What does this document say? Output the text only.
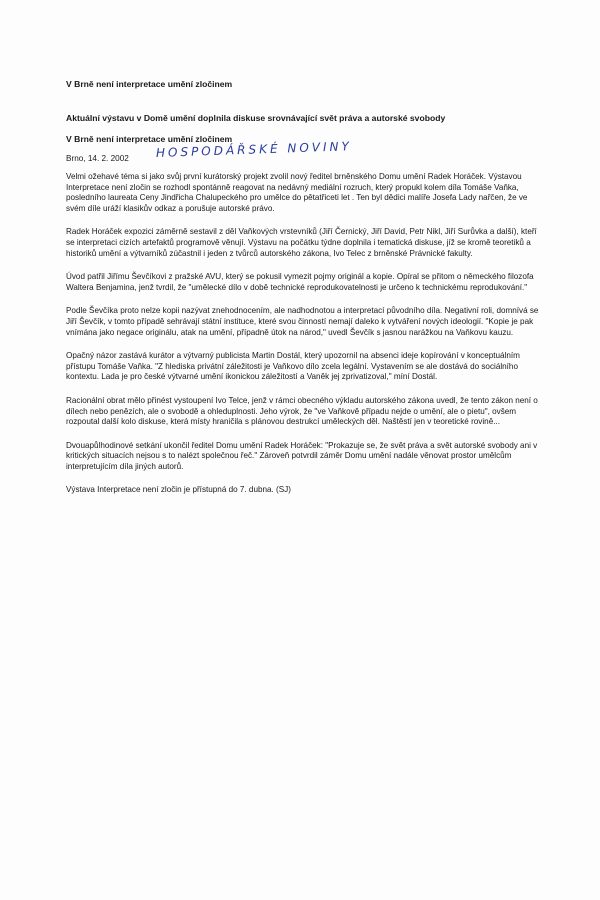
V Brně není interpretace umění zločinem
Aktuální výstavu v Domě umění doplnila diskuse srovnávající svět práva a autorské svobody
V Brně není interpretace umění zločinem
Brno, 14. 2. 2002 HOSPODÁŘSKÉ NOVINY

Velmi ožehavé téma si jako svůj první kurátorský projekt zvolil nový ředitel brněnského Domu umění Radek Horáček. Výstavou Interpretace není zločin se rozhodl spontánně reagovat na nedávný mediální rozruch, který propukl kolem díla Tomáše Vaňka, posledního laureata Ceny Jindřicha Chalupeckého pro umělce do pětatřiceti let . Ten byl dědici malíře Josefa Lady nařčen, že ve svém díle uráží klasikův odkaz a porušuje autorské právo.

Radek Horáček expozici záměrně sestavil z děl Vaňkových vrstevníků (Jiří Černický, Jiří David, Petr Nikl, Jiří Surůvka a další), kteří se interpretaci cizích artefaktů programově věnují. Výstavu na počátku týdne doplnila i tematická diskuse, jíž se kromě teoretiků a historiků umění a výtvarníků zúčastnil i jeden z tvůrců autorského zákona, Ivo Telec z brněnské Právnické fakulty.

Úvod patřil Jiřímu Ševčíkovi z pražské AVU, který se pokusil vymezit pojmy originál a kopie. Opíral se přitom o německého filozofa Waltera Benjamina, jenž tvrdil, že "umělecké dílo v době technické reprodukovatelnosti je určeno k technickému reprodukování."

Podle Ševčíka proto nelze kopii nazývat znehodnocením, ale nadhodnotou a interpretací původního díla. Negativní roli, domnívá se Jiří Ševčík, v tomto případě sehrávají státní instituce, které svou činností nemají daleko k vytváření nových ideologií. "Kopie je pak vnímána jako negace originálu, atak na umění, případně útok na národ," uvedl Ševčík s jasnou narážkou na Vaňkovu kauzu.

Opačný názor zastává kurátor a výtvarný publicista Martin Dostál, který upozornil na absenci ideje kopírování v konceptuálním přístupu Tomáše Vaňka. "Z hlediska privátní záležitosti je Vaňkovo dílo zcela legální. Vystavením se ale dostává do sociálního kontextu. Lada je pro české výtvarné umění ikonickou záležitostí a Vaněk jej zprivatizoval," míní Dostál.

Racionální obrat mělo přinést vystoupení Ivo Telce, jenž v rámci obecného výkladu autorského zákona uvedl, že tento zákon není o dílech nebo penězích, ale o svobodě a ohleduplnosti. Jeho výrok, že "ve Vaňkově případu nejde o umění, ale o pietu", ovšem rozpoutal další kolo diskuse, která místy hraničila s plánovou destrukcí uměleckých děl. Naštěstí jen v teoretické rovině...

Dvouapůlhodinové setkání ukončil ředitel Domu umění Radek Horáček: "Prokazuje se, že svět práva a svět autorské svobody ani v kritických situacích nejsou s to nalézt společnou řeč." Zároveň potvrdil záměr Domu umění nadále věnovat prostor umělcům interpretujícím díla jiných autorů.

Výstava Interpretace není zločin je přístupná do 7. dubna. (SJ)
